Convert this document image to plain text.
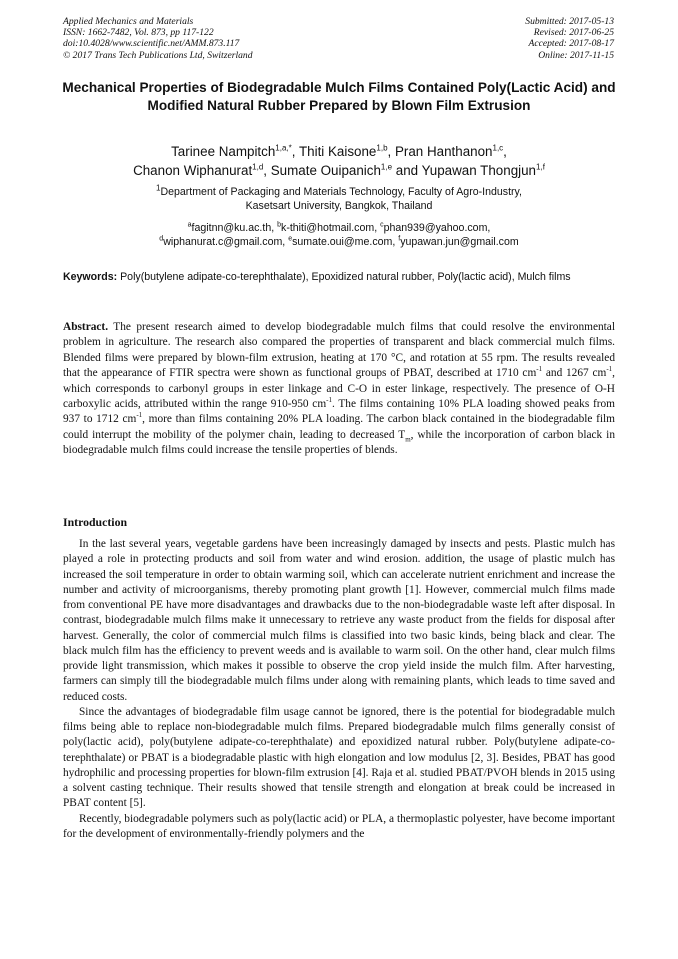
Applied Mechanics and Materials
ISSN: 1662-7482, Vol. 873, pp 117-122
doi:10.4028/www.scientific.net/AMM.873.117
© 2017 Trans Tech Publications Ltd, Switzerland
Submitted: 2017-05-13
Revised: 2017-06-25
Accepted: 2017-08-17
Online: 2017-11-15
Mechanical Properties of Biodegradable Mulch Films Contained Poly(Lactic Acid) and Modified Natural Rubber Prepared by Blown Film Extrusion
Tarinee Nampitch$^{1,a,*}$, Thiti Kaisone$^{1,b}$, Pran Hanthanon$^{1,c}$,
Chanon Wiphanurat$^{1,d}$, Sumate Ouipanich$^{1,e}$ and Yupawan Thongjun$^{1,f}$
$^1$Department of Packaging and Materials Technology, Faculty of Agro-Industry,
Kasetsart University, Bangkok, Thailand
$^a$fagitnn@ku.ac.th, $^b$k-thiti@hotmail.com, $^c$phan939@yahoo.com,
$^d$wiphanurat.c@gmail.com, $^e$sumate.oui@me.com, $^f$yupawan.jun@gmail.com
Keywords: Poly(butylene adipate-co-terephthalate), Epoxidized natural rubber, Poly(lactic acid), Mulch films

Abstract. The present research aimed to develop biodegradable mulch films that could resolve the environmental problem in agriculture. The research also compared the properties of transparent and black commercial mulch films. Blended films were prepared by blown-film extrusion, heating at 170 °C, and rotation at 55 rpm. The results revealed that the appearance of FTIR spectra were shown as functional groups of PBAT, described at 1710 $cm^{-1}$ and 1267 $cm^{-1}$, which corresponds to carbonyl groups in ester linkage and C-O in ester linkage, respectively. The presence of O-H carboxylic acids, attributed within the range 910-950 $cm^{-1}$. The films containing 10% PLA loading showed peaks from 937 to 1712 $cm^{-1}$, more than films containing 20% PLA loading. The carbon black contained in the biodegradable film could interrupt the mobility of the polymer chain, leading to decreased $T_m$, while the incorporation of carbon black in biodegradable mulch films could increase the tensile properties of blends.

Introduction

In the last several years, vegetable gardens have been increasingly damaged by insects and pests. Plastic mulch has played a role in protecting products and soil from water and wind erosion. addition, the usage of plastic mulch has increased the soil temperature in order to obtain warming soil, which can accelerate nutrient enrichment and increase the number and activity of microorganisms, thereby promoting plant growth [1]. However, commercial mulch films made from conventional PE have more disadvantages and drawbacks due to the non-biodegradable waste left after disposal. In contrast, biodegradable mulch films make it unnecessary to retrieve any waste product from the fields for disposal after harvest. Generally, the color of commercial mulch films is classified into two basic kinds, being black and clear. The black mulch film has the efficiency to prevent weeds and is available to warm soil. On the other hand, clear mulch films provide light transmission, which makes it possible to observe the crop yield inside the mulch film. After harvesting, farmers can simply till the biodegradable mulch films under along with remaining plants, which leads to time saved and reduced costs.

Since the advantages of biodegradable film usage cannot be ignored, there is the potential for biodegradable mulch films being able to replace non-biodegradable mulch films. Prepared biodegradable mulch films generally consist of poly(lactic acid), poly(butylene adipate-co-terephthalate) and epoxidized natural rubber. Poly(butylene adipate-co-terephthalate) or PBAT is a biodegradable plastic with high elongation and low modulus [2, 3]. Besides, PBAT has good hydrophilic and processing properties for blown-film extrusion [4]. Raja et al. studied PBAT/PVOH blends in 2015 using a solvent casting technique. Their results showed that tensile strength and elongation at break could be increased in PBAT content [5].

Recently, biodegradable polymers such as poly(lactic acid) or PLA, a thermoplastic polyester, have become important for the development of environmentally-friendly polymers and the
